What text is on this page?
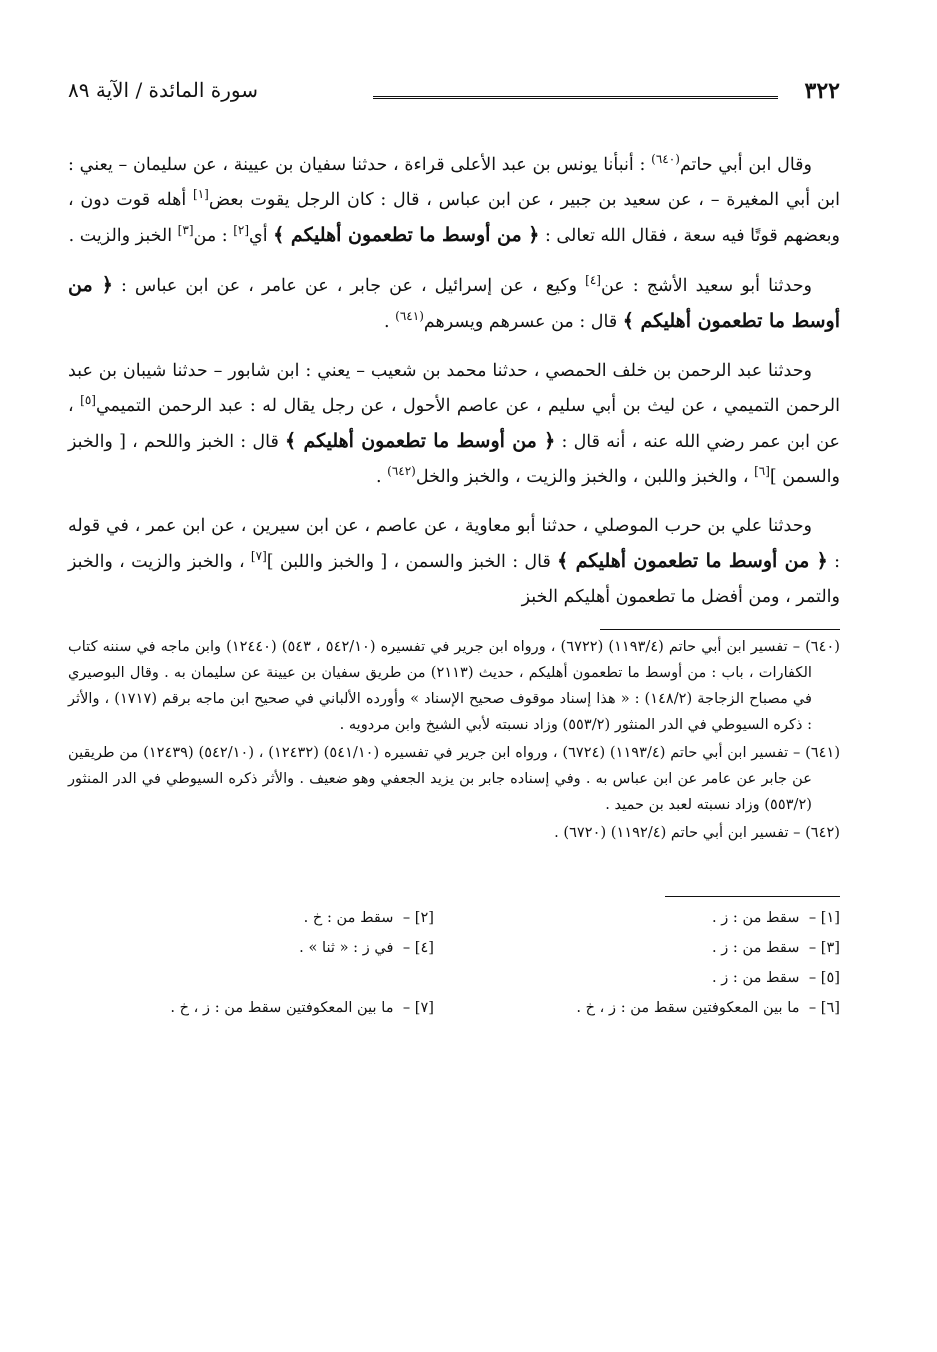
٣٢٢
سورة المائدة / الآية ٨٩

وقال ابن أبي حاتم$^{(٦٤٠)}$ : أنبأنا يونس بن عبد الأعلى قراءة ، حدثنا سفيان بن عيينة ، عن سليمان – يعني : ابن أبي المغيرة – ، عن سعيد بن جبير ، عن ابن عباس ، قال : كان الرجل يقوت بعض[١] أهله قوت دون ، وبعضهم قوتًا فيه سعة ، فقال الله تعالى : ﴿ من أوسط ما تطعمون أهليكم ﴾ أي[٢] : من[٣] الخبز والزيت .

وحدثنا أبو سعيد الأشج : عن[٤] وكيع ، عن إسرائيل ، عن جابر ، عن عامر ، عن ابن عباس : ﴿ من أوسط ما تطعمون أهليكم ﴾ قال : من عسرهم ويسرهم$^{(٦٤١)}$ .

وحدثنا عبد الرحمن بن خلف الحمصي ، حدثنا محمد بن شعيب – يعني : ابن شابور – حدثنا شيبان بن عبد الرحمن التميمي ، عن ليث بن أبي سليم ، عن عاصم الأحول ، عن رجل يقال له : عبد الرحمن التميمي[٥] ، عن ابن عمر رضي الله عنه ، أنه قال : ﴿ من أوسط ما تطعمون أهليكم ﴾ قال : الخبز واللحم ، [ والخبز والسمن ][٦] ، والخبز واللبن ، والخبز والزيت ، والخبز والخل$^{(٦٤٢)}$ .

وحدثنا علي بن حرب الموصلي ، حدثنا أبو معاوية ، عن عاصم ، عن ابن سيرين ، عن ابن عمر ، في قوله : ﴿ من أوسط ما تطعمون أهليكم ﴾ قال : الخبز والسمن ، [ والخبز واللبن ][٧] ، والخبز والزيت ، والخبز والتمر ، ومن أفضل ما تطعمون أهليكم الخبز

(٦٤٠) – تفسير ابن أبي حاتم (١١٩٣/٤) (٦٧٢٢) ، ورواه ابن جرير في تفسيره (٥٤٢/١٠ ، ٥٤٣) (١٢٤٤٠) وابن ماجه في سننه كتاب الكفارات ، باب : من أوسط ما تطعمون أهليكم ، حديث (٢١١٣) من طريق سفيان بن عيينة عن سليمان به . وقال البوصيري في مصباح الزجاجة (١٤٨/٢) : « هذا إسناد موقوف صحيح الإسناد » وأورده الألباني في صحيح ابن ماجه برقم (١٧١٧) ، والأثر : ذكره السيوطي في الدر المنثور (٥٥٣/٢) وزاد نسبته لأبي الشيخ وابن مردويه .

(٦٤١) – تفسير ابن أبي حاتم (١١٩٣/٤) (٦٧٢٤) ، ورواه ابن جرير في تفسيره (٥٤١/١٠) (١٢٤٣٢) ، (٥٤٢/١٠) (١٢٤٣٩) من طريقين عن جابر عن عامر عن ابن عباس به . وفي إسناده جابر بن يزيد الجعفي وهو ضعيف . والأثر ذكره السيوطي في الدر المنثور (٥٥٣/٢) وزاد نسبته لعبد بن حميد .

(٦٤٢) – تفسير ابن أبي حاتم (١١٩٢/٤) (٦٧٢٠) .

[١] –  سقط من : ز .
[٢] –  سقط من : خ .
[٣] –  سقط من : ز .
[٤] –  في ز : « ثنا » .
[٥] –  سقط من : ز .

[٦] –  ما بين المعكوفتين سقط من : ز ، خ .
[٧] –  ما بين المعكوفتين سقط من : ز ، خ .
